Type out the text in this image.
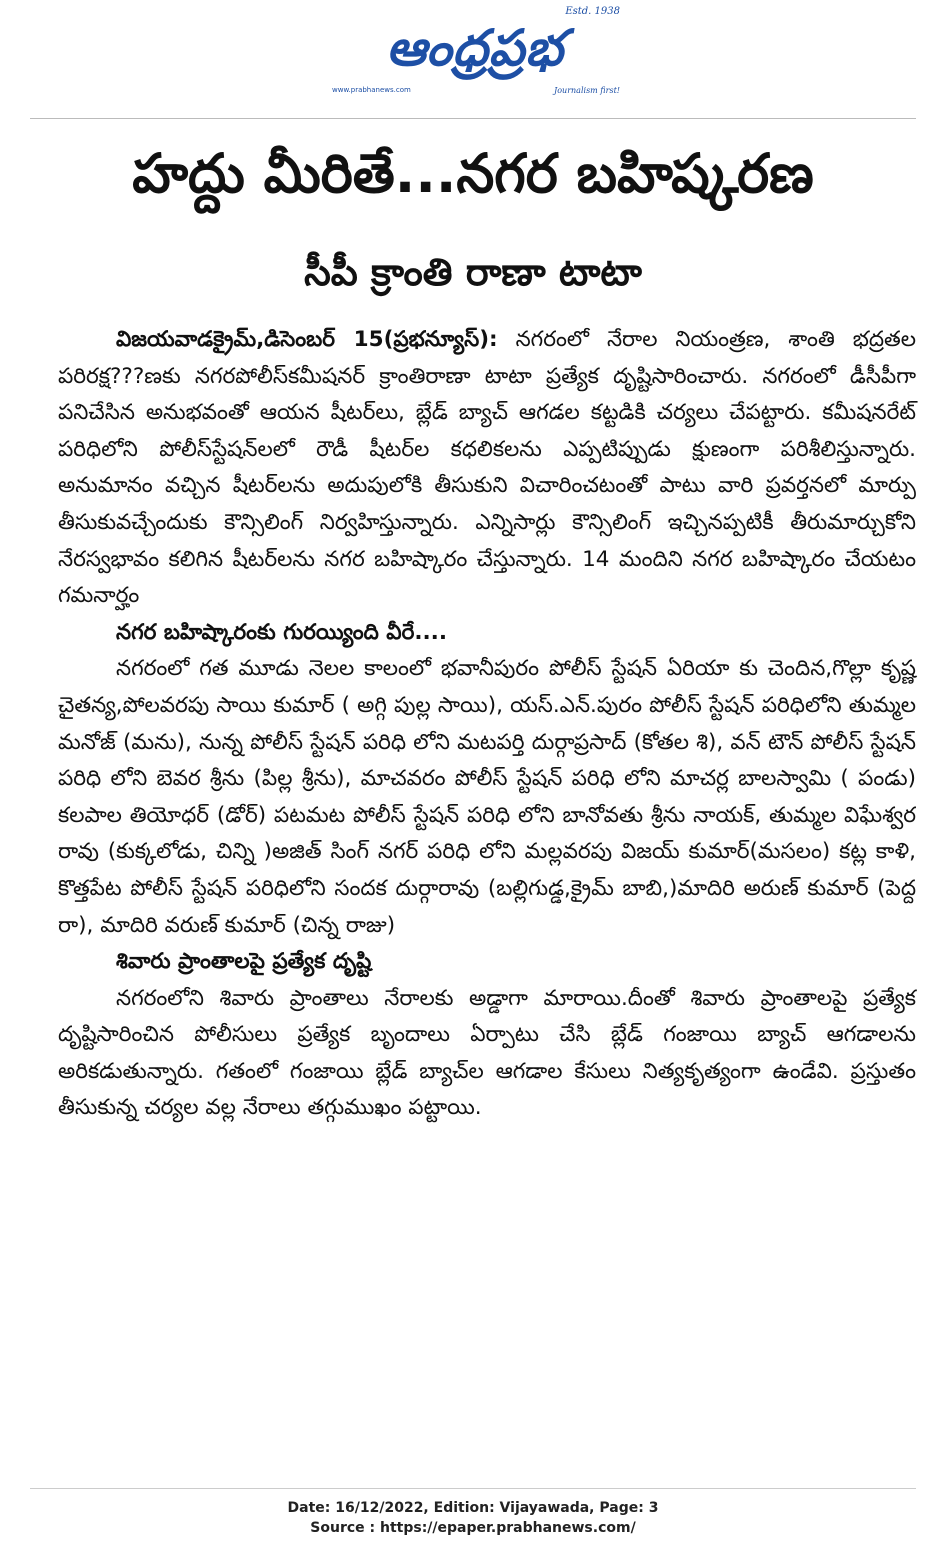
ఆంధ్రప్రభ
Estd. 1938
www.prabhanews.com	Journalism first!
హద్దు మీరితే...నగర బహిష్కరణ
సీపీ క్రాంతి రాణా టాటా

విజయవాడక్రైమ్,డిసెంబర్ 15(ప్రభన్యూస్): నగరంలో నేరాల నియంత్రణ, శాంతి భద్రతల పరిరక్ష???ణకు నగరపోలీస్‌కమీషనర్ క్రాంతిరాణా టాటా ప్రత్యేక దృష్టిసారించారు. నగరంలో డీసీపీగా పనిచేసిన అనుభవంతో ఆయన షీటర్‌లు, బ్లేడ్ బ్యాచ్ ఆగడల కట్టడికి చర్యలు చేపట్టారు. కమీషనరేట్ పరిధిలోని పోలీస్‌స్టేషన్‌లలో రౌడీ షీటర్‌ల కధలికలను ఎప్పటిప్పుడు క్షుణంగా పరిశీలిస్తున్నారు. అనుమానం వచ్చిన షీటర్‌లను అదుపులోకి తీసుకుని విచారించటంతో పాటు వారి ప్రవర్తనలో మార్పు తీసుకువచ్చేందుకు కౌన్సిలింగ్ నిర్వహిస్తున్నారు. ఎన్నిసార్లు కౌన్సిలింగ్ ఇచ్చినప్పటికీ తీరుమార్చుకోని నేరస్వభావం కలిగిన షీటర్‌లను నగర బహిష్కారం చేస్తున్నారు. 14 మందిని నగర బహిష్కారం చేయటం గమనార్హం

నగర బహిష్కారంకు గురయ్యింది వీరే....

నగరంలో గత మూడు నెలల కాలంలో భవానీపురం పోలీస్ స్టేషన్ ఏరియా కు చెందిన,గొల్లా కృష్ణ చైతన్య,పోలవరపు సాయి కుమార్ ( అగ్గి పుల్ల సాయి), యస్.ఎన్.పురం పోలీస్ స్టేషన్ పరిధిలోని తుమ్మల మనోజ్ (మను), నున్న పోలీస్ స్టేషన్ పరిధి లోని మటపర్తి దుర్గాప్రసాద్ (కోతల శి), వన్ టౌన్ పోలీస్ స్టేషన్ పరిధి లోని బెవర శ్రీను (పిల్ల శ్రీను), మాచవరం పోలీస్ స్టేషన్ పరిధి లోని మాచర్ల బాలస్వామి ( పండు) కలపాల తియోధర్ (డోర్) పటమట పోలీస్ స్టేషన్ పరిధి లోని బానోవతు శ్రీను నాయక్, తుమ్మల విఘేశ్వర రావు (కుక్కలోడు, చిన్ని )అజిత్ సింగ్ నగర్ పరిధి లోని మల్లవరపు విజయ్ కుమార్(మసలం) కట్ల కాళి, కొత్తపేట పోలీస్ స్టేషన్ పరిధిలోని సందక దుర్గారావు (బల్లిగుడ్డ,క్రైమ్ బాబి,)మాదిరి అరుణ్ కుమార్ (పెద్ద రా), మాదిరి వరుణ్ కుమార్ (చిన్న రాజు)

శివారు ప్రాంతాలపై ప్రత్యేక దృష్టి

నగరంలోని శివారు ప్రాంతాలు నేరాలకు అడ్డాగా మారాయి.దీంతో శివారు ప్రాంతాలపై ప్రత్యేక దృష్టిసారించిన పోలీసులు ప్రత్యేక బృందాలు ఏర్పాటు చేసి బ్లేడ్ గంజాయి బ్యాచ్ ఆగడాలను అరికడుతున్నారు. గతంలో గంజాయి బ్లేడ్ బ్యాచ్‌ల ఆగడాల కేసులు నిత్యకృత్యంగా ఉండేవి. ప్రస్తుతం తీసుకున్న చర్యల వల్ల నేరాలు తగ్గుముఖం పట్టాయి.

Date: 16/12/2022, Edition: Vijayawada, Page: 3
Source : https://epaper.prabhanews.com/
